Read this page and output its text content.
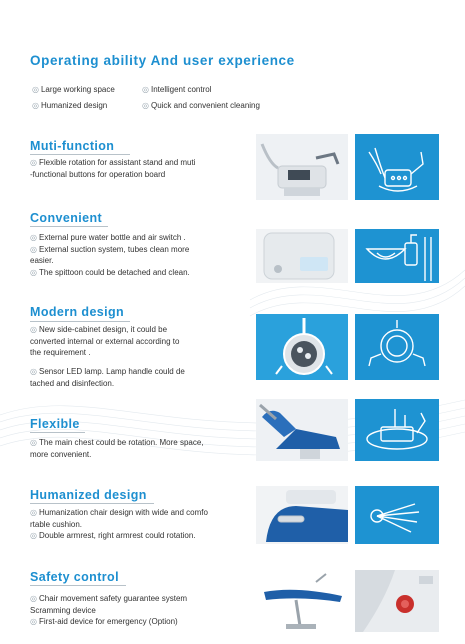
Operating ability And user experience
◎ Large working space	◎ Intelligent control
◎ Humanized design	◎ Quick and convenient cleaning
Muti-function

◎ Flexible rotation for assistant stand and muti

-functional buttons for operation board

Convenient

◎ External pure water bottle and air switch .

◎ External suction system, tubes clean more

easier.

◎ The spittoon could be detached and clean.

Modern design

◎ New side-cabinet design, it could be

converted internal or external according to

the requirement .

◎ Sensor LED lamp. Lamp handle could de

tached and disinfection.

Flexible

◎ The main chest could be rotation. More space,

more convenient.

Humanized design

◎ Humanization chair design with wide and comfo

rtable cushion.

◎ Double armrest, right armrest could rotation.

Safety control

◎ Chair movement safety guarantee system

Scramming device

◎ First-aid device for emergency (Option)
